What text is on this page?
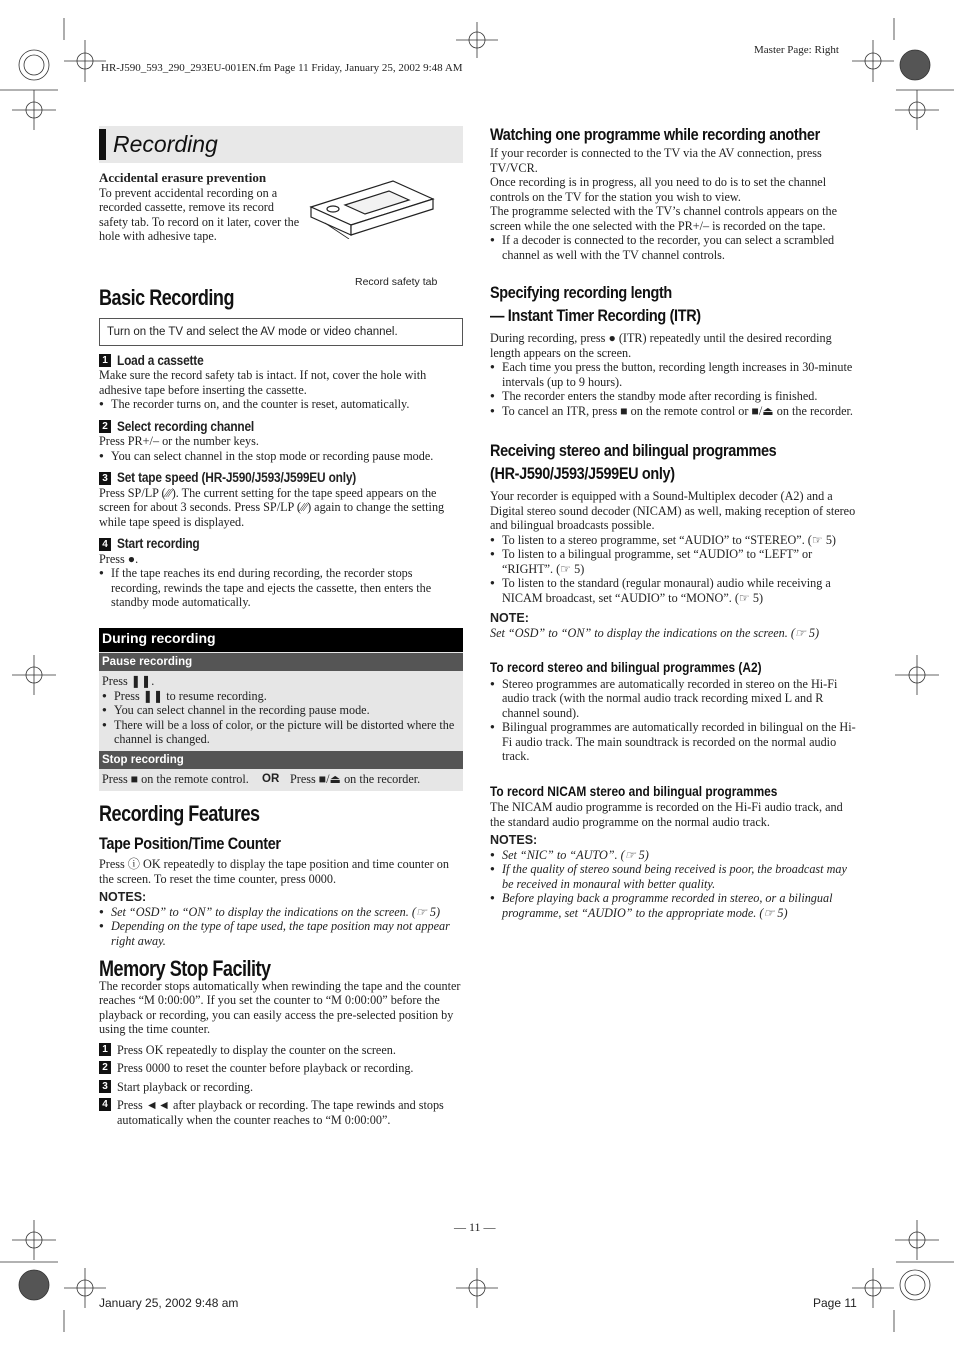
HR-J590_593_290_293EU-001EN.fm Page 11 Friday, January 25, 2002 9:48 AM
Master Page: Right
Recording
Accidental erasure prevention

To prevent accidental recording on a recorded cassette, remove its record safety tab. To record on it later, cover the hole with adhesive tape.

Record safety tab
Basic Recording
Turn on the TV and select the AV mode or video channel.
1 Load a cassette

Make sure the record safety tab is intact. If not, cover the hole with adhesive tape before inserting the cassette.

● The recorder turns on, and the counter is reset, automatically.

2 Select recording channel

Press PR+/– or the number keys.

● You can select channel in the stop mode or recording pause mode.

3 Set tape speed (HR-J590/J593/J599EU only)

Press SP/LP (∕∕∕). The current setting for the tape speed appears on the screen for about 3 seconds. Press SP/LP (∕∕∕) again to change the setting while tape speed is displayed.

4 Start recording

Press ●.

● If the tape reaches its end during recording, the recorder stops recording, rewinds the tape and ejects the cassette, then enters the standby mode automatically.

During recording
Pause recording

Press ❚❚.

● Press ❚❚ to resume recording.

● You can select channel in the recording pause mode.

● There will be a loss of color, or the picture will be distorted where the channel is changed.

Stop recording

Press ■ on the remote control.	OR Press ■/⏏ on the recorder.

Recording Features
Tape Position/Time Counter

Press ⓘ OK repeatedly to display the tape position and time counter on the screen. To reset the time counter, press 0000.

NOTES:

● Set “OSD” to “ON” to display the indications on the screen. (☞ 5)

● Depending on the type of tape used, the tape position may not appear right away.

Memory Stop Facility

The recorder stops automatically when rewinding the tape and the counter reaches “M 0:00:00”. If you set the counter to “M 0:00:00” before the playback or recording, you can easily access the pre-selected position by using the time counter.

1 Press OK repeatedly to display the counter on the screen.
2 Press 0000 to reset the counter before playback or recording.
3 Start playback or recording.
4 Press ◄◄ after playback or recording. The tape rewinds and stops automatically when the counter reaches to “M 0:00:00”.
Watching one programme while recording another

If your recorder is connected to the TV via the AV connection, press TV/VCR.

Once recording is in progress, all you need to do is to set the channel controls on the TV for the station you wish to view.

The programme selected with the TV’s channel controls appears on the screen while the one selected with the PR+/– is recorded on the tape.

● If a decoder is connected to the recorder, you can select a scrambled channel as well with the TV channel controls.

Specifying recording length
— Instant Timer Recording (ITR)

During recording, press ● (ITR) repeatedly until the desired recording length appears on the screen.

● Each time you press the button, recording length increases in 30-minute intervals (up to 9 hours).

● The recorder enters the standby mode after recording is finished.

● To cancel an ITR, press ■ on the remote control or ■/⏏ on the recorder.

Receiving stereo and bilingual programmes
(HR-J590/J593/J599EU only)

Your recorder is equipped with a Sound-Multiplex decoder (A2) and a Digital stereo sound decoder (NICAM) as well, making reception of stereo and bilingual broadcasts possible.

● To listen to a stereo programme, set “AUDIO” to “STEREO”. (☞ 5)

● To listen to a bilingual programme, set “AUDIO” to “LEFT” or “RIGHT”. (☞ 5)

● To listen to the standard (regular monaural) audio while receiving a NICAM broadcast, set “AUDIO” to “MONO”. (☞ 5)

NOTE:

Set “OSD” to “ON” to display the indications on the screen. (☞ 5)

To record stereo and bilingual programmes (A2)

● Stereo programmes are automatically recorded in stereo on the Hi-Fi audio track (with the normal audio track recording mixed L and R channel sound).

● Bilingual programmes are automatically recorded in bilingual on the Hi-Fi audio track. The main soundtrack is recorded on the normal audio track.

To record NICAM stereo and bilingual programmes

The NICAM audio programme is recorded on the Hi-Fi audio track, and the standard audio programme on the normal audio track.

NOTES:

● Set “NIC” to “AUTO”. (☞ 5)

● If the quality of stereo sound being received is poor, the broadcast may be received in monaural with better quality.

● Before playing back a programme recorded in stereo, or a bilingual programme, set “AUDIO” to the appropriate mode. (☞ 5)

— 11 —
January 25, 2002 9:48 am	Page 11
